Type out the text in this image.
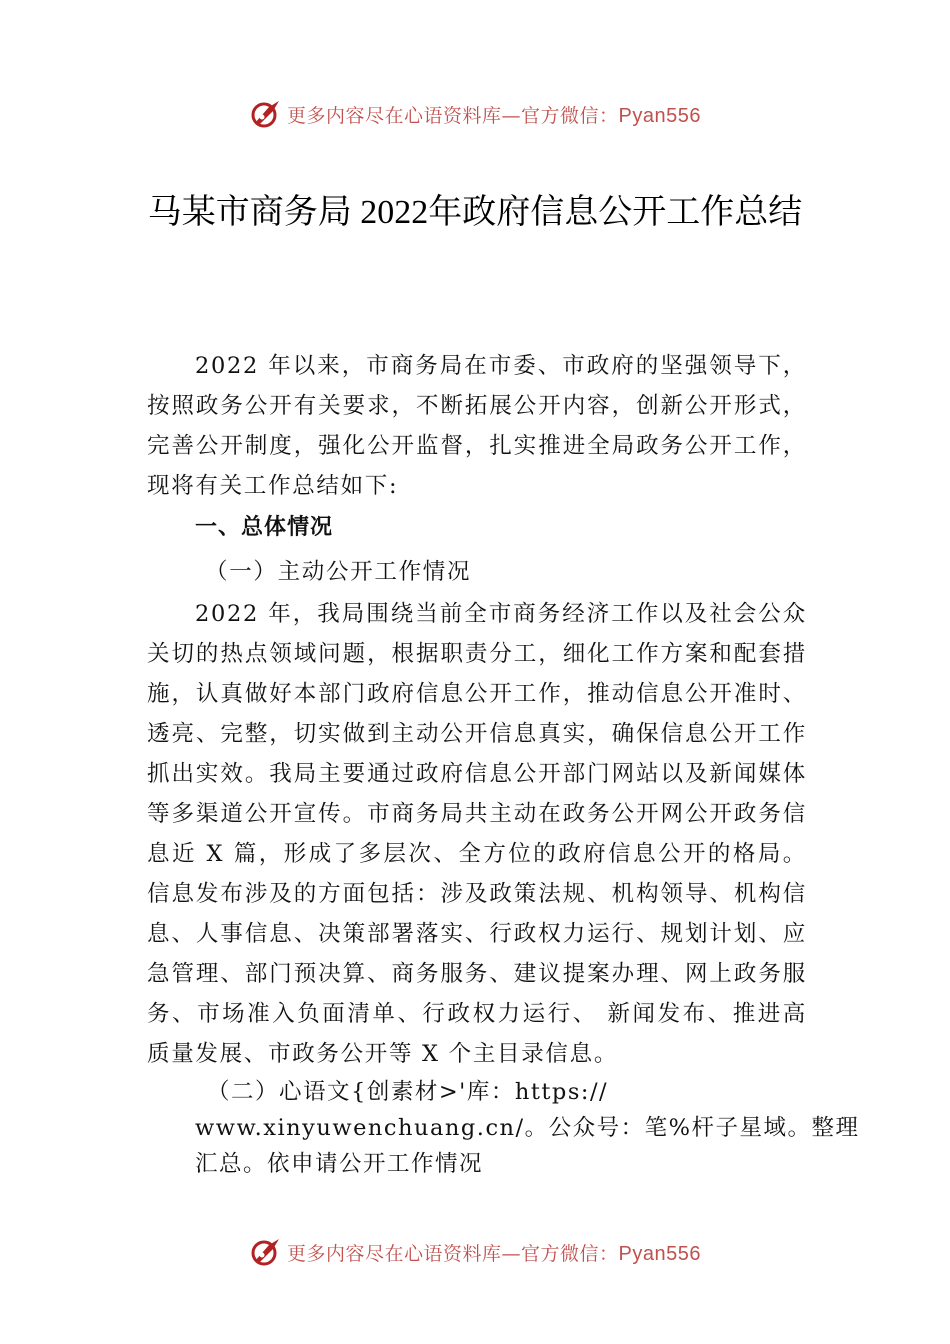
更多内容尽在心语资料库—官方微信：Pyan556
马某市商务局 2022年政府信息公开工作总结

2022 年以来，市商务局在市委、市政府的坚强领导下，按照政务公开有关要求，不断拓展公开内容，创新公开形式，完善公开制度，强化公开监督，扎实推进全局政务公开工作，现将有关工作总结如下:

一、总体情况
（一）主动公开工作情况

2022 年，我局围绕当前全市商务经济工作以及社会公众关切的热点领域问题，根据职责分工，细化工作方案和配套措施，认真做好本部门政府信息公开工作，推动信息公开准时、透亮、完整，切实做到主动公开信息真实，确保信息公开工作抓出实效。我局主要通过政府信息公开部门网站以及新闻媒体等多渠道公开宣传。市商务局共主动在政务公开网公开政务信息近 X 篇，形成了多层次、全方位的政府信息公开的格局。信息发布涉及的方面包括：涉及政策法规、机构领导、机构信息、人事信息、决策部署落实、行政权力运行、规划计划、应急管理、部门预决算、商务服务、建议提案办理、网上政务服务、市场准入负面清单、行政权力运行、 新闻发布、推进高质量发展、市政务公开等 X 个主目录信息。

（二）心语文{创素材>'库：https:// www.xinyuwenchuang.cn/。公众号：笔%杆子星域。整理汇总。依申请公开工作情况
更多内容尽在心语资料库—官方微信：Pyan556
